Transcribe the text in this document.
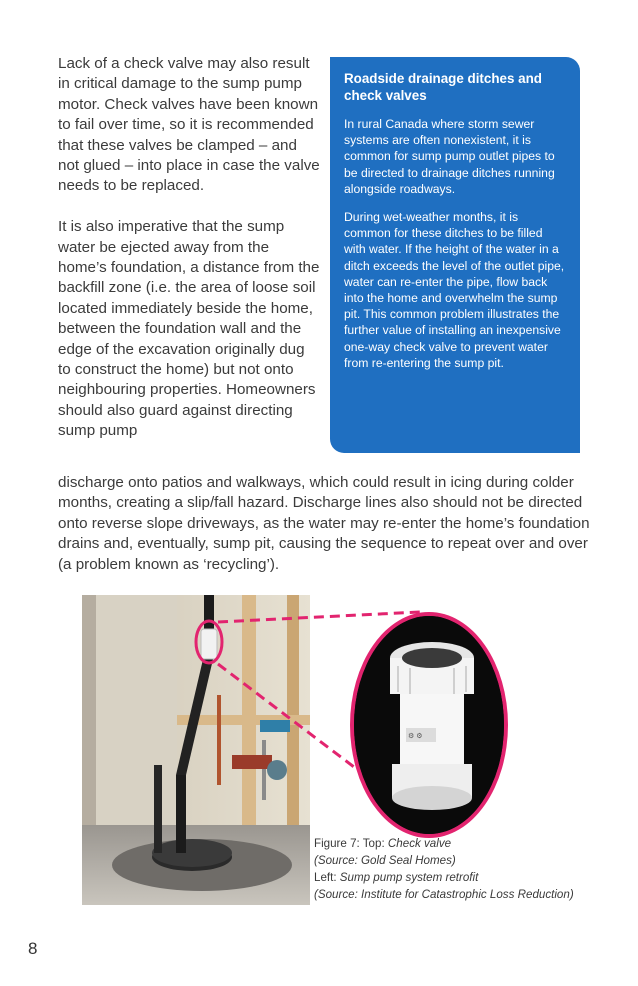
Lack of a check valve may also result in critical damage to the sump pump motor. Check valves have been known to fail over time, so it is recommended that these valves be clamped – and not glued – into place in case the valve needs to be replaced.

It is also imperative that the sump water be ejected away from the home’s foundation, a distance from the backfill zone (i.e. the area of loose soil located immediately beside the home, between the foundation wall and the edge of the excavation originally dug to construct the home) but not onto neighbouring properties. Homeowners should also guard against directing sump pump

Roadside drainage ditches and check valves

In rural Canada where storm sewer systems are often nonexistent, it is common for sump pump outlet pipes to be directed to drainage ditches running alongside roadways.

During wet-weather months, it is common for these ditches to be filled with water. If the height of the water in a ditch exceeds the level of the outlet pipe, water can re-enter the pipe, flow back into the home and overwhelm the sump pit. This common problem illustrates the further value of installing an inexpensive one-way check valve to prevent water from re-entering the sump pit.

discharge onto patios and walkways, which could result in icing during colder months, creating a slip/fall hazard. Discharge lines also should not be directed onto reverse slope driveways, as the water may re-enter the home’s foundation drains and, eventually, sump pit, causing the sequence to repeat over and over (a problem known as ‘recycling’).

⚙ ⚙
Figure 7: Top: Check valve
(Source: Gold Seal Homes)
Left: Sump pump system retrofit
(Source: Institute for Catastrophic Loss Reduction)
8
